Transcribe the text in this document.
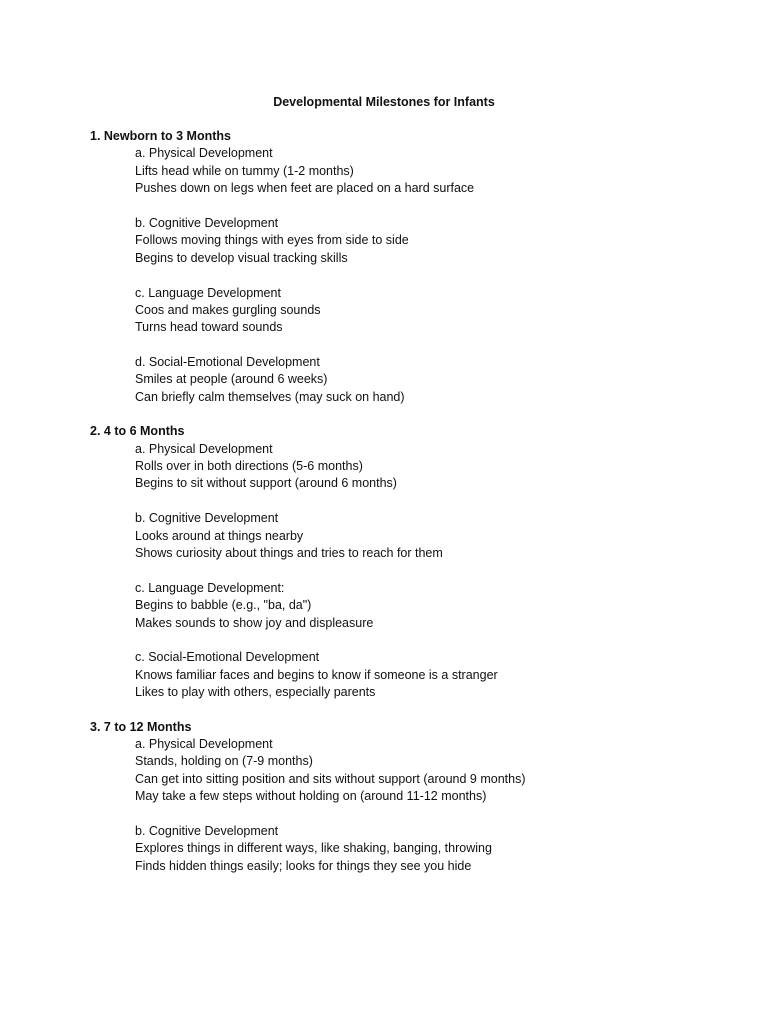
Developmental Milestones for Infants
1. Newborn to 3 Months
a. Physical Development
Lifts head while on tummy (1-2 months)
Pushes down on legs when feet are placed on a hard surface
b. Cognitive Development
Follows moving things with eyes from side to side
Begins to develop visual tracking skills
c. Language Development
Coos and makes gurgling sounds
Turns head toward sounds
d. Social-Emotional Development
Smiles at people (around 6 weeks)
Can briefly calm themselves (may suck on hand)
2. 4 to 6 Months
a. Physical Development
Rolls over in both directions (5-6 months)
Begins to sit without support (around 6 months)
b. Cognitive Development
Looks around at things nearby
Shows curiosity about things and tries to reach for them
c. Language Development:
Begins to babble (e.g., "ba, da")
Makes sounds to show joy and displeasure
c. Social-Emotional Development
Knows familiar faces and begins to know if someone is a stranger
Likes to play with others, especially parents
3. 7 to 12 Months
a. Physical Development
Stands, holding on (7-9 months)
Can get into sitting position and sits without support (around 9 months)
May take a few steps without holding on (around 11-12 months)
b. Cognitive Development
Explores things in different ways, like shaking, banging, throwing
Finds hidden things easily; looks for things they see you hide
